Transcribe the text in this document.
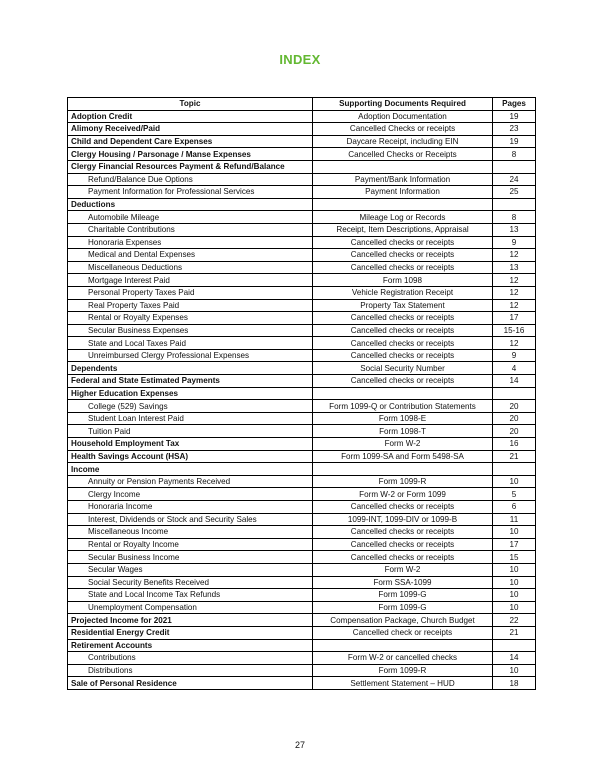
INDEX
Topic	Supporting Documents Required	Pages
Adoption Credit	Adoption Documentation	19
Alimony Received/Paid	Cancelled Checks or receipts	23
Child and Dependent Care Expenses	Daycare Receipt, including EIN	19
Clergy Housing / Parsonage / Manse Expenses	Cancelled Checks or Receipts	8
Clergy Financial Resources Payment & Refund/Balance		
Refund/Balance Due Options	Payment/Bank Information	24
Payment Information for Professional Services	Payment Information	25
Deductions		
Automobile Mileage	Mileage Log or Records	8
Charitable Contributions	Receipt, Item Descriptions, Appraisal	13
Honoraria Expenses	Cancelled checks or receipts	9
Medical and Dental Expenses	Cancelled checks or receipts	12
Miscellaneous Deductions	Cancelled checks or receipts	13
Mortgage Interest Paid	Form 1098	12
Personal Property Taxes Paid	Vehicle Registration Receipt	12
Real Property Taxes Paid	Property Tax Statement	12
Rental or Royalty Expenses	Cancelled checks or receipts	17
Secular Business Expenses	Cancelled checks or receipts	15-16
State and Local Taxes Paid	Cancelled checks or receipts	12
Unreimbursed Clergy Professional Expenses	Cancelled checks or receipts	9
Dependents	Social Security Number	4
Federal and State Estimated Payments	Cancelled checks or receipts	14
Higher Education Expenses		
College (529) Savings	Form 1099-Q or Contribution Statements	20
Student Loan Interest Paid	Form 1098-E	20
Tuition Paid	Form 1098-T	20
Household Employment Tax	Form W-2	16
Health Savings Account (HSA)	Form 1099-SA and Form 5498-SA	21
Income		
Annuity or Pension Payments Received	Form 1099-R	10
Clergy Income	Form W-2 or Form 1099	5
Honoraria Income	Cancelled checks or receipts	6
Interest, Dividends or Stock and Security Sales	1099-INT, 1099-DIV or 1099-B	11
Miscellaneous Income	Cancelled checks or receipts	10
Rental or Royalty Income	Cancelled checks or receipts	17
Secular Business Income	Cancelled checks or receipts	15
Secular Wages	Form W-2	10
Social Security Benefits Received	Form SSA-1099	10
State and Local Income Tax Refunds	Form 1099-G	10
Unemployment Compensation	Form 1099-G	10
Projected Income for 2021	Compensation Package, Church Budget	22
Residential Energy Credit	Cancelled check or receipts	21
Retirement Accounts		
Contributions	Form W-2 or cancelled checks	14
Distributions	Form 1099-R	10
Sale of Personal Residence	Settlement Statement – HUD	18
27
